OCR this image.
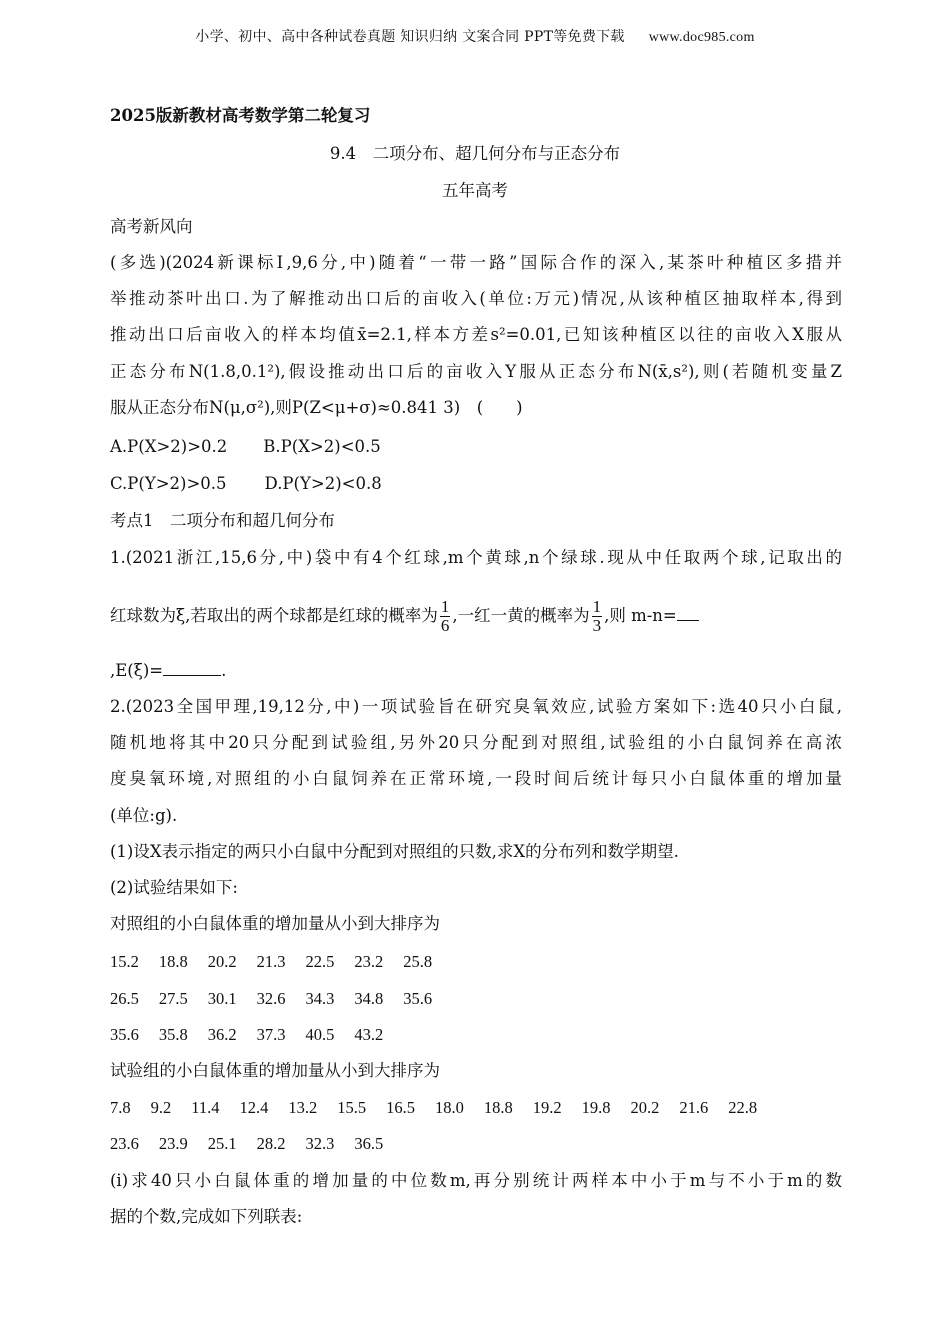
小学、初中、高中各种试卷真题 知识归纳 文案合同 PPT等免费下载 www.doc985.com
2025版新教材高考数学第二轮复习
9.4　二项分布、超几何分布与正态分布
五年高考
高考新风向
(多选)(2024新课标Ⅰ,9,6分,中)随着“一带一路”国际合作的深入,某茶叶种植区多措并
举推动茶叶出口.为了解推动出口后的亩收入(单位:万元)情况,从该种植区抽取样本,得到
推动出口后亩收入的样本均值x̄=2.1,样本方差s²=0.01,已知该种植区以往的亩收入X服从
正态分布N(1.8,0.1²),假设推动出口后的亩收入Y服从正态分布N(x̄,s²),则(若随机变量Z
服从正态分布N(μ,σ²),则P(Z<μ+σ)≈0.841 3)　(　　)
A.P(X>2)>0.2 B.P(X>2)<0.5
C.P(Y>2)>0.5 D.P(Y>2)<0.8
考点1　二项分布和超几何分布
1.(2021浙江,15,6分,中)袋中有4个红球,m个黄球,n个绿球.现从中任取两个球,记取出的
红球数为ξ,若取出的两个球都是红球的概率为 $\frac{1}{6}$ ,一红一黄的概率为 $\frac{1}{3}$ ,则 m-n=
,E(ξ)=	.
2.(2023全国甲理,19,12分,中)一项试验旨在研究臭氧效应,试验方案如下:选40只小白鼠,
随机地将其中20只分配到试验组,另外20只分配到对照组,试验组的小白鼠饲养在高浓
度臭氧环境,对照组的小白鼠饲养在正常环境,一段时间后统计每只小白鼠体重的增加量
(单位:g).
(1)设X表示指定的两只小白鼠中分配到对照组的只数,求X的分布列和数学期望.
(2)试验结果如下:
对照组的小白鼠体重的增加量从小到大排序为
15.2 18.8 20.2 21.3 22.5 23.2 25.8
26.5 27.5 30.1 32.6 34.3 34.8 35.6
35.6 35.8 36.2 37.3 40.5 43.2
试验组的小白鼠体重的增加量从小到大排序为
7.8 9.2 11.4 12.4 13.2 15.5 16.5 18.0 18.8 19.2 19.8 20.2 21.6 22.8
23.6 23.9 25.1 28.2 32.3 36.5
(i)求40只小白鼠体重的增加量的中位数m,再分别统计两样本中小于m与不小于m的数
据的个数,完成如下列联表:
